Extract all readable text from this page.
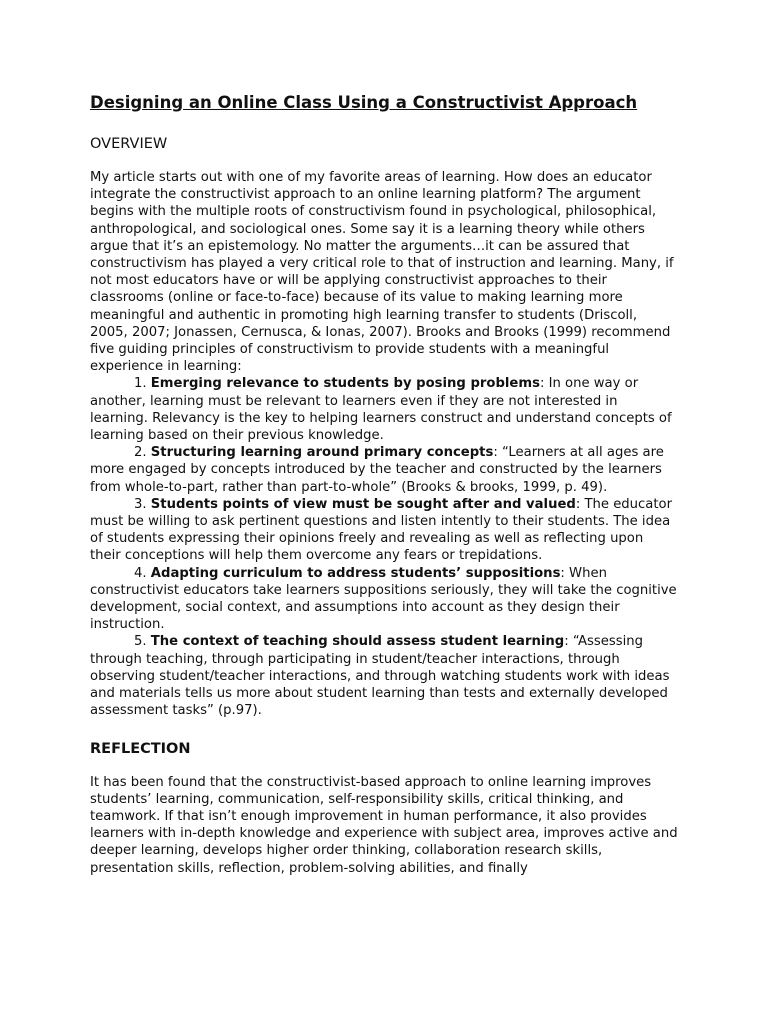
Designing an Online Class Using a Constructivist Approach
OVERVIEW

My article starts out with one of my favorite areas of learning. How does an educator integrate the constructivist approach to an online learning platform? The argument begins with the multiple roots of constructivism found in psychological, philosophical, anthropological, and sociological ones. Some say it is a learning theory while others argue that it’s an epistemology. No matter the arguments…it can be assured that constructivism has played a very critical role to that of instruction and learning. Many, if not most educators have or will be applying constructivist approaches to their classrooms (online or face-to-face) because of its value to making learning more meaningful and authentic in promoting high learning transfer to students (Driscoll, 2005, 2007; Jonassen, Cernusca, & Ionas, 2007). Brooks and Brooks (1999) recommend five guiding principles of constructivism to provide students with a meaningful experience in learning:

1. Emerging relevance to students by posing problems: In one way or another, learning must be relevant to learners even if they are not interested in learning. Relevancy is the key to helping learners construct and understand concepts of learning based on their previous knowledge.

2. Structuring learning around primary concepts: “Learners at all ages are more engaged by concepts introduced by the teacher and constructed by the learners from whole-to-part, rather than part-to-whole” (Brooks & brooks, 1999, p. 49).

3. Students points of view must be sought after and valued: The educator must be willing to ask pertinent questions and listen intently to their students. The idea of students expressing their opinions freely and revealing as well as reflecting upon their conceptions will help them overcome any fears or trepidations.

4. Adapting curriculum to address students’ suppositions: When constructivist educators take learners suppositions seriously, they will take the cognitive development, social context, and assumptions into account as they design their instruction.

5. The context of teaching should assess student learning: “Assessing through teaching, through participating in student/teacher interactions, through observing student/teacher interactions, and through watching students work with ideas and materials tells us more about student learning than tests and externally developed assessment tasks” (p.97).

REFLECTION

It has been found that the constructivist-based approach to online learning improves students’ learning, communication, self-responsibility skills, critical thinking, and teamwork. If that isn’t enough improvement in human performance, it also provides learners with in-depth knowledge and experience with subject area, improves active and deeper learning, develops higher order thinking, collaboration research skills, presentation skills, reflection, problem-solving abilities, and finally
